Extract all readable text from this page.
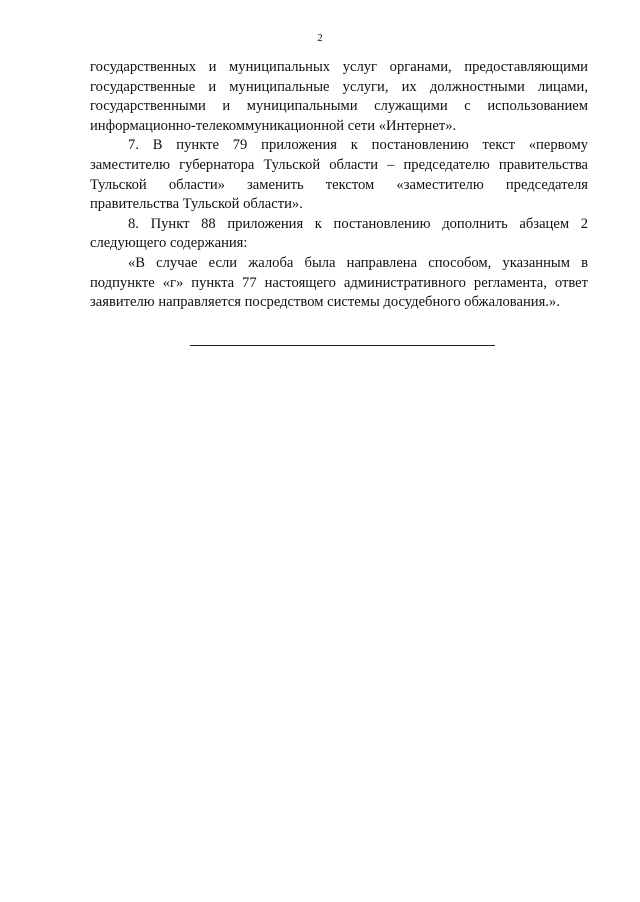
2

государственных и муниципальных услуг органами, предоставляющими государственные и муниципальные услуги, их должностными лицами, государственными и муниципальными служащими с использованием информационно-телекоммуникационной сети «Интернет».

7. В пункте 79 приложения к постановлению текст «первому заместителю губернатора Тульской области – председателю правительства Тульской области» заменить текстом «заместителю председателя правительства Тульской области».

8. Пункт 88 приложения к постановлению дополнить абзацем 2 следующего содержания:

«В случае если жалоба была направлена способом, указанным в подпункте «г» пункта 77 настоящего административного регламента, ответ заявителю направляется посредством системы досудебного обжалования.».
